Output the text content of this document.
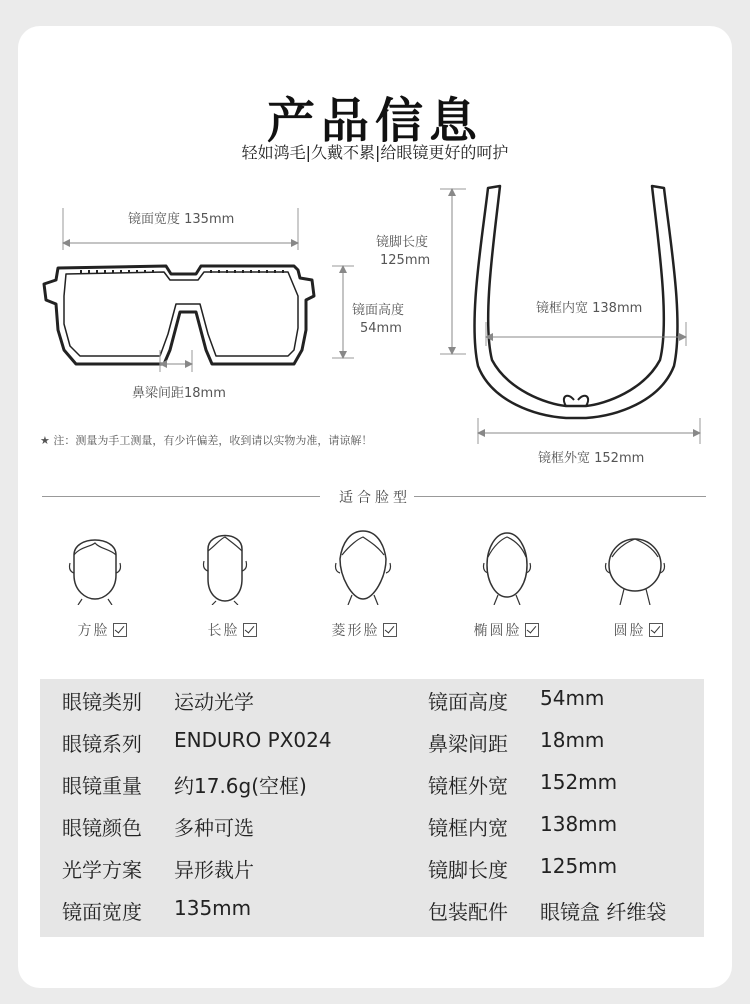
产品信息
轻如鸿毛|久戴不累|给眼镜更好的呵护
镜面宽度 135mm
镜面高度
54mm
鼻梁间距18mm
镜脚长度
125mm
镜框内宽 138mm
镜框外宽 152mm
★ 注：测量为手工测量，有少许偏差，收到请以实物为准，请谅解！
适合脸型
方脸	长脸	菱形脸	椭圆脸	圆脸
眼镜类别 运动光学	镜面高度 54mm
眼镜系列 ENDURO PX024	鼻梁间距 18mm
眼镜重量 约17.6g(空框)	镜框外宽 152mm
眼镜颜色 多种可选	镜框内宽 138mm
光学方案 异形裁片	镜脚长度 125mm
镜面宽度 135mm	包装配件 眼镜盒 纤维袋
